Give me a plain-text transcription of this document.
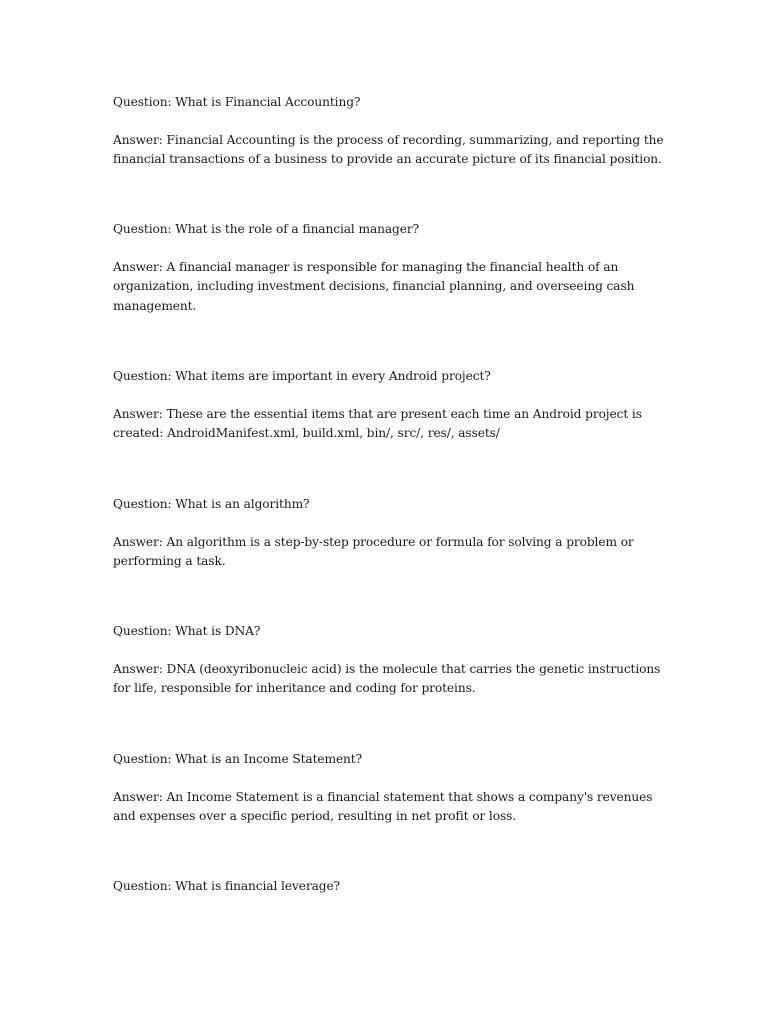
Question: What is Financial Accounting?

Answer: Financial Accounting is the process of recording, summarizing, and reporting the
financial transactions of a business to provide an accurate picture of its financial position.

Question: What is the role of a financial manager?

Answer: A financial manager is responsible for managing the financial health of an
organization, including investment decisions, financial planning, and overseeing cash
management.

Question: What items are important in every Android project?

Answer: These are the essential items that are present each time an Android project is
created: AndroidManifest.xml, build.xml, bin/, src/, res/, assets/

Question: What is an algorithm?

Answer: An algorithm is a step-by-step procedure or formula for solving a problem or
performing a task.

Question: What is DNA?

Answer: DNA (deoxyribonucleic acid) is the molecule that carries the genetic instructions
for life, responsible for inheritance and coding for proteins.

Question: What is an Income Statement?

Answer: An Income Statement is a financial statement that shows a company's revenues
and expenses over a specific period, resulting in net profit or loss.

Question: What is financial leverage?
